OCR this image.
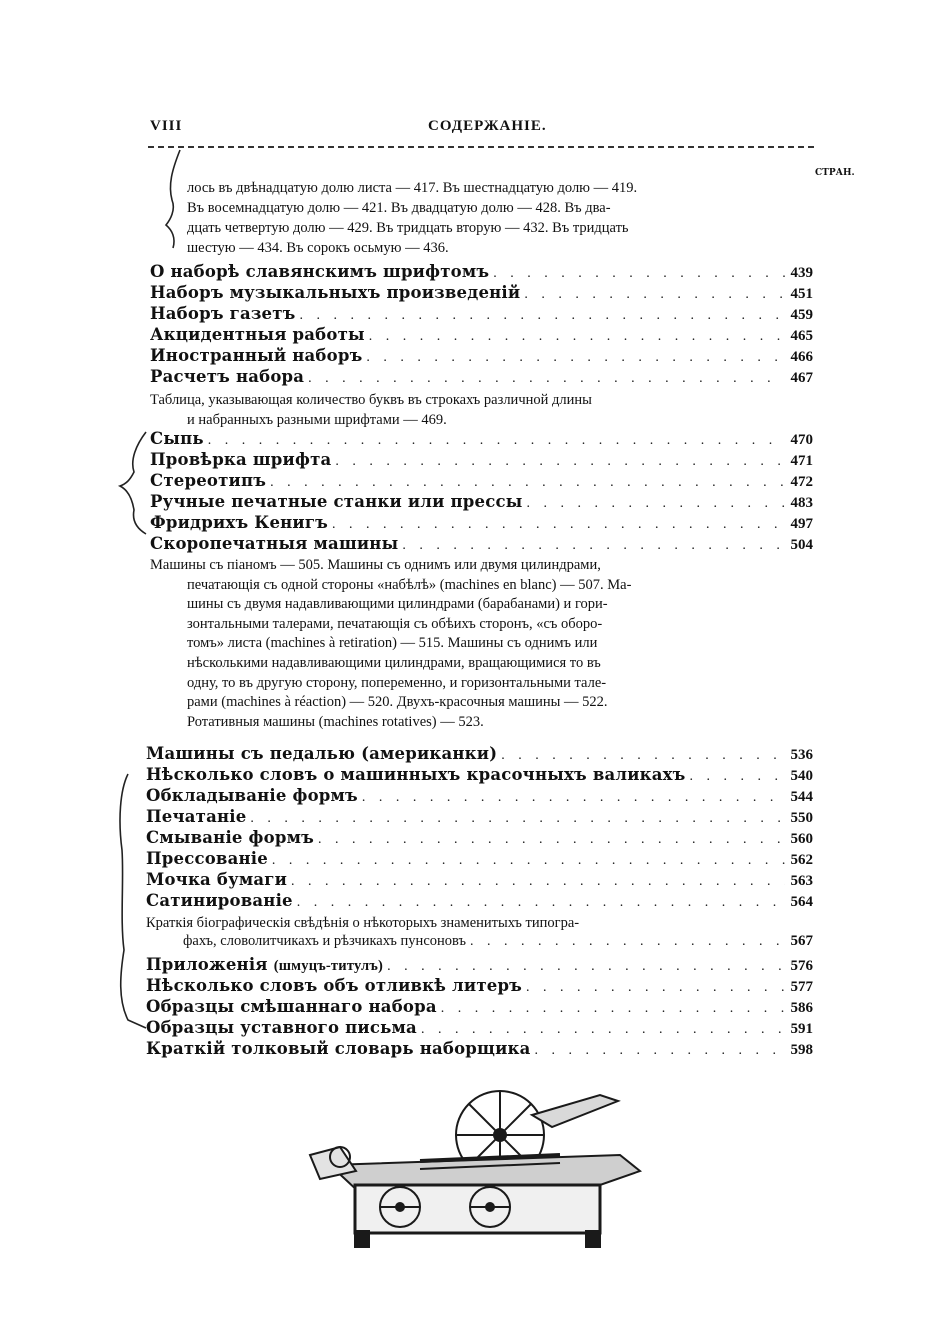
VIII	СОДЕРЖАНІЕ.
СТРАН.
лось въ двѣнадцатую долю листа — 417. Въ шестнадцатую долю — 419.
Въ восемнадцатую долю — 421. Въ двадцатую долю — 428. Въ два-
дцать четвертую долю — 429. Въ тридцать вторую — 432. Въ тридцать
шестую — 434. Въ сорокъ осьмую — 436.
О наборѣ славянскимъ шрифтомъ . . .	439
Наборъ музыкальныхъ произведеній . . .	451
Наборъ газетъ . . .	459
Акцидентныя работы . . .	465
Иностранный наборъ . . .	466
Расчетъ набора . . .	467
Таблица, указывающая количество буквъ въ строкахъ различной длины
и набранныхъ разными шрифтами — 469.
Сыпь . . .	470
Провѣрка шрифта . . .	471
Стереотипъ . . .	472
Ручные печатные станки или прессы . . .	483
Фридрихъ Кенигъ . . .	497
Скоропечатныя машины . . .	504
Машины съ піаномъ — 505. Машины съ однимъ или двумя цилиндрами,
печатающія съ одной стороны «набѣлѣ» (machines en blanc) — 507. Ма-
шины съ двумя надавливающими цилиндрами (барабанами) и гори-
зонтальными талерами, печатающія съ обѣихъ сторонъ, «съ оборо-
томъ» листа (machines à retiration) — 515. Машины съ однимъ или
нѣсколькими надавливающими цилиндрами, вращающимися то въ
одну, то въ другую сторону, попеременно, и горизонтальными тале-
рами (machines à réaction) — 520. Двухъ-красочныя машины — 522.
Ротативныя машины (machines rotatives) — 523.
Машины съ педалью (американки) . . .	536
Нѣсколько словъ о машинныхъ красочныхъ валикахъ . . .	540
Обкладываніе формъ . . .	544
Печатаніе . . .	550
Смываніе формъ . . .	560
Прессованіе . . .	562
Мочка бумаги . . .	563
Сатинированіе . . .	564
Краткія біографическія свѣдѣнія о нѣкоторыхъ знаменитыхъ типогра-
фахъ, словолитчикахъ и рѣзчикахъ пунсоновъ . . .	567
Приложенія (шмуцъ-титулъ) . . .	576
Нѣсколько словъ объ отливкѣ литеръ . . .	577
Образцы смѣшаннаго набора . . .	586
Образцы уставного письма . . .	591
Краткій толковый словарь наборщика . . .	598
